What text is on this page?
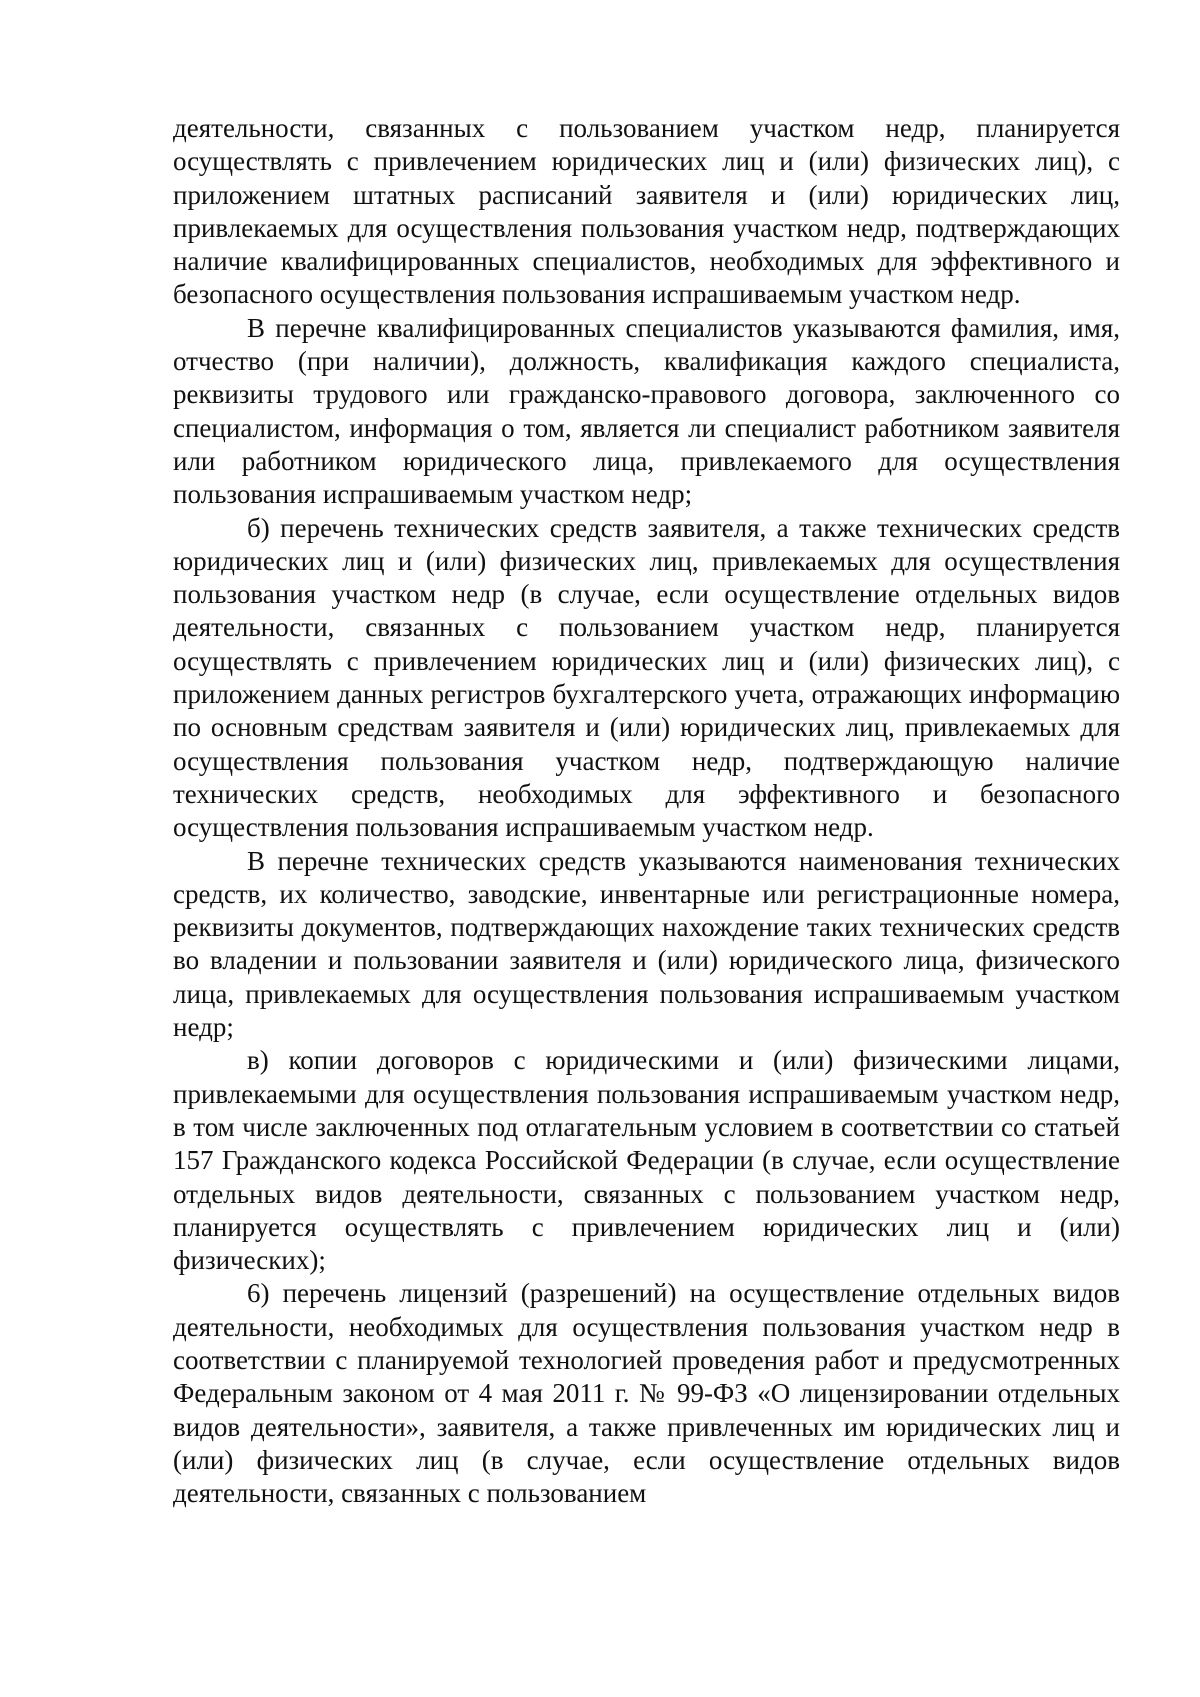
деятельности, связанных с пользованием участком недр, планируется осуществлять с привлечением юридических лиц и (или) физических лиц), с приложением штатных расписаний заявителя и (или) юридических лиц, привлекаемых для осуществления пользования участком недр, подтверждающих наличие квалифицированных специалистов, необходимых для эффективного и безопасного осуществления пользования испрашиваемым участком недр.

В перечне квалифицированных специалистов указываются фамилия, имя, отчество (при наличии), должность, квалификация каждого специалиста, реквизиты трудового или гражданско-правового договора, заключенного со специалистом, информация о том, является ли специалист работником заявителя или работником юридического лица, привлекаемого для осуществления пользования испрашиваемым участком недр;

б) перечень технических средств заявителя, а также технических средств юридических лиц и (или) физических лиц, привлекаемых для осуществления пользования участком недр (в случае, если осуществление отдельных видов деятельности, связанных с пользованием участком недр, планируется осуществлять с привлечением юридических лиц и (или) физических лиц), с приложением данных регистров бухгалтерского учета, отражающих информацию по основным средствам заявителя и (или) юридических лиц, привлекаемых для осуществления пользования участком недр, подтверждающую наличие технических средств, необходимых для эффективного и безопасного осуществления пользования испрашиваемым участком недр.

В перечне технических средств указываются наименования технических средств, их количество, заводские, инвентарные или регистрационные номера, реквизиты документов, подтверждающих нахождение таких технических средств во владении и пользовании заявителя и (или) юридического лица, физического лица, привлекаемых для осуществления пользования испрашиваемым участком недр;

в) копии договоров с юридическими и (или) физическими лицами, привлекаемыми для осуществления пользования испрашиваемым участком недр, в том числе заключенных под отлагательным условием в соответствии со статьей 157 Гражданского кодекса Российской Федерации (в случае, если осуществление отдельных видов деятельности, связанных с пользованием участком недр, планируется осуществлять с привлечением юридических лиц и (или) физических);

6) перечень лицензий (разрешений) на осуществление отдельных видов деятельности, необходимых для осуществления пользования участком недр в соответствии с планируемой технологией проведения работ и предусмотренных Федеральным законом от 4 мая 2011 г. № 99-ФЗ «О лицензировании отдельных видов деятельности», заявителя, а также привлеченных им юридических лиц и (или) физических лиц (в случае, если осуществление отдельных видов деятельности, связанных с пользованием
